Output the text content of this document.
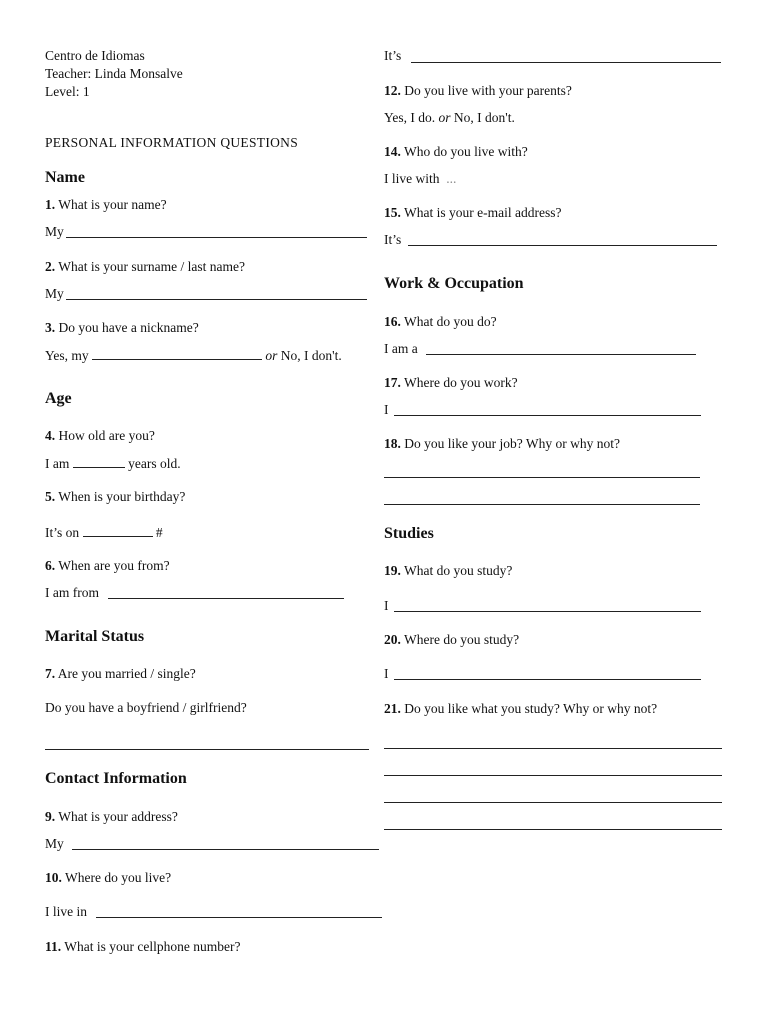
Centro de Idiomas
Teacher: Linda Monsalve
Level: 1
PERSONAL INFORMATION QUESTIONS
Name
1. What is your name?
My
2. What is your surname / last name?
My
3. Do you have a nickname?
Yes, my	or No, I don't.
Age
4. How old are you?
I am	years old.
5. When is your birthday?
It’s on	#
6. When are you from?
I am from
Marital Status
7. Are you married / single?
Do you have a boyfriend / girlfriend?
Contact Information
9. What is your address?
My
10. Where do you live?
I live in
11. What is your cellphone number?
It’s
12. Do you live with your parents?
Yes, I do. or No, I don't.
14. Who do you live with?
I live with ...
15. What is your e-mail address?
It’s
Work & Occupation
16. What do you do?
I am a
17. Where do you work?
I
18. Do you like your job? Why or why not?
Studies
19. What do you study?
I
20. Where do you study?
I
21. Do you like what you study? Why or why not?
